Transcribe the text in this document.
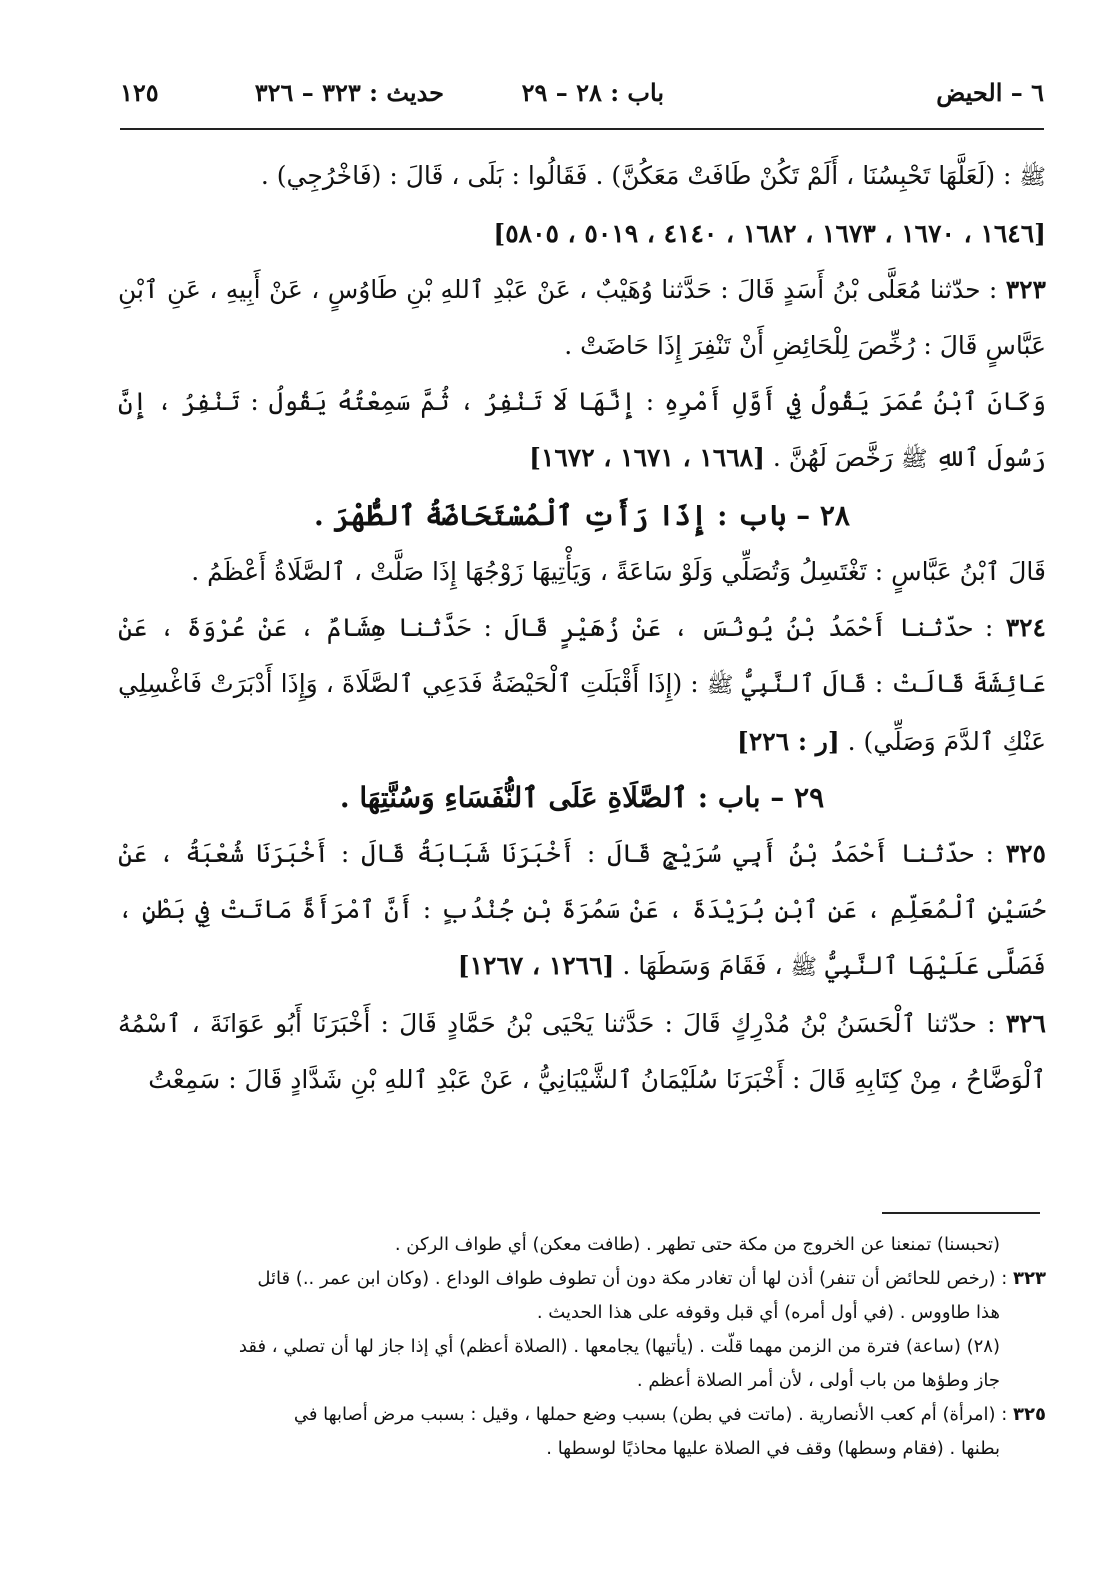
٦ – الحيض
باب : ٢٨ – ٢٩
حديث : ٣٢٣ – ٣٢٦
١٢٥

ﷺ : (لَعَلَّهَا تَحْبِسُنَا ، أَلَمْ تَكُنْ طَافَتْ مَعَكُنَّ) . فَقَالُوا : بَلَى ، قَالَ : (فَاخْرُجِي) .

[١٦٤٦ ، ١٦٧٠ ، ١٦٧٣ ، ١٦٨٢ ، ٤١٤٠ ، ٥٠١٩ ، ٥٨٠٥]

٣٢٣ : حدّثنا مُعَلَّى بْنُ أَسَدٍ قَالَ : حَدَّثنا وُهَيْبٌ ، عَنْ عَبْدِ ٱللهِ بْنِ طَاوُسٍ ، عَنْ أَبِيهِ ، عَنِ ٱبْنِ عَبَّاسٍ قَالَ : رُخِّصَ لِلْحَائِضِ أَنْ تَنْفِرَ إِذَا حَاضَتْ .

وَكَانَ ٱبْنُ عُمَرَ يَقُولُ فِي أَوَّلِ أَمْرِهِ : إِنَّهَا لَا تَنْفِرُ ، ثُمَّ سَمِعْتُهُ يَقُولُ : تَنْفِرُ ، إِنَّ رَسُولَ ٱللهِ ﷺ رَخَّصَ لَهُنَّ . [١٦٦٨ ، ١٦٧١ ، ١٦٧٢]

٢٨ – باب : إِذَا رَأَتِ ٱلْمُسْتَحَاضَةُ ٱلطُّهْرَ .

قَالَ ٱبْنُ عَبَّاسٍ : تَغْتَسِلُ وَتُصَلِّي وَلَوْ سَاعَةً ، وَيَأْتِيهَا زَوْجُهَا إِذَا صَلَّتْ ، ٱلصَّلَاةُ أَعْظَمُ .

٣٢٤ : حدّثنا أَحْمَدُ بْنُ يُونُسَ ، عَنْ زُهَيْرٍ قَالَ : حَدَّثنا هِشَامٌ ، عَنْ عُرْوَةَ ، عَنْ عَائِشَةَ قَالَتْ : قَالَ ٱلنَّبِيُّ ﷺ : (إِذَا أَقْبَلَتِ ٱلْحَيْضَةُ فَدَعِي ٱلصَّلَاةَ ، وَإِذَا أَدْبَرَتْ فَاغْسِلِي عَنْكِ ٱلدَّمَ وَصَلِّي) . [ر : ٢٢٦]

٢٩ – باب : ٱلصَّلَاةِ عَلَى ٱلنُّفَسَاءِ وَسُنَّتِهَا .

٣٢٥ : حدّثنا أَحْمَدُ بْنُ أَبِي سُرَيْجٍ قَالَ : أَخْبَرَنَا شَبَابَةُ قَالَ : أَخْبَرَنَا شُعْبَةُ ، عَنْ حُسَيْنٍ ٱلْمُعَلِّمِ ، عَنِ ٱبْنِ بُرَيْدَةَ ، عَنْ سَمُرَةَ بْنِ جُنْدُبٍ : أَنَّ ٱمْرَأَةً مَاتَتْ فِي بَطْنٍ ، فَصَلَّى عَلَيْهَا ٱلنَّبِيُّ ﷺ ، فَقَامَ وَسَطَهَا . [١٢٦٦ ، ١٢٦٧]

٣٢٦ : حدّثنا ٱلْحَسَنُ بْنُ مُدْرِكٍ قَالَ : حَدَّثنا يَحْيَى بْنُ حَمَّادٍ قَالَ : أَخْبَرَنَا أَبُو عَوَانَةَ ، ٱسْمُهُ ٱلْوَضَّاحُ ، مِنْ كِتَابِهِ قَالَ : أَخْبَرَنَا سُلَيْمَانُ ٱلشَّيْبَانِيُّ ، عَنْ عَبْدِ ٱللهِ بْنِ شَدَّادٍ قَالَ : سَمِعْتُ

(تحبسنا) تمنعنا عن الخروج من مكة حتى تطهر . (طافت معكن) أي طواف الركن .

٣٢٣ : (رخص للحائض أن تنفر) أذن لها أن تغادر مكة دون أن تطوف طواف الوداع . (وكان ابن عمر ..) قائل

هذا طاووس . (في أول أمره) أي قبل وقوفه على هذا الحديث .

(٢٨) (ساعة) فترة من الزمن مهما قلّت . (يأتيها) يجامعها . (الصلاة أعظم) أي إذا جاز لها أن تصلي ، فقد

جاز وطؤها من باب أولى ، لأن أمر الصلاة أعظم .

٣٢٥ : (امرأة) أم كعب الأنصارية . (ماتت في بطن) بسبب وضع حملها ، وقيل : بسبب مرض أصابها في

بطنها . (فقام وسطها) وقف في الصلاة عليها محاذيًا لوسطها .
